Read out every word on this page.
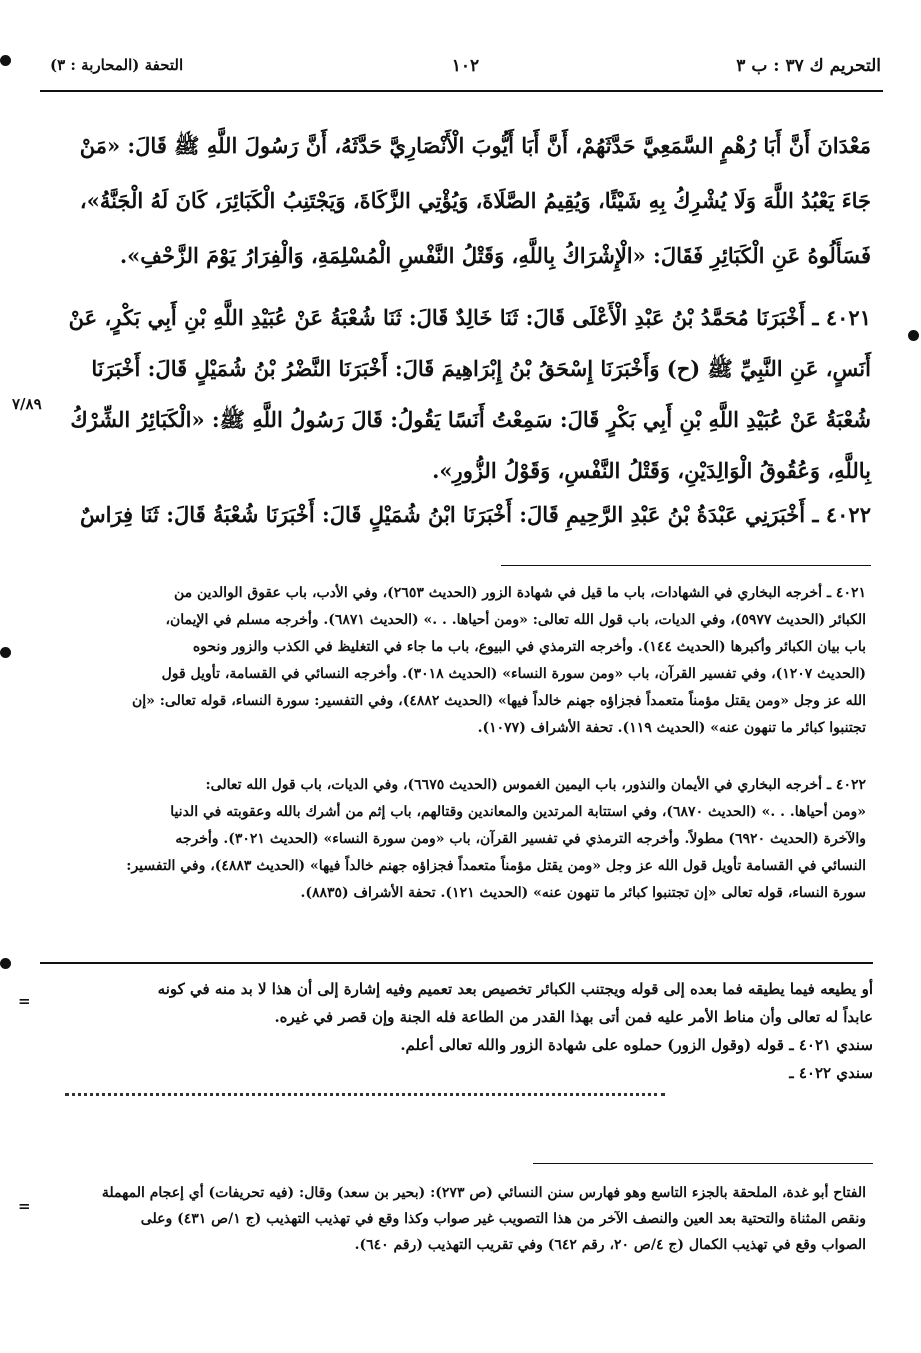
التحريم ك ٣٧ : ب ٣
١٠٢
التحفة (المحاربة : ٣)

مَعْدَانَ أَنَّ أَبَا رُهْمٍ السَّمَعِيَّ حَدَّثَهُمْ، أَنَّ أَبَا أَيُّوبَ الْأَنْصَارِيَّ حَدَّثَهُ، أَنَّ رَسُولَ اللَّهِ ﷺ قَالَ: «مَنْ

جَاءَ يَعْبُدُ اللَّهَ وَلَا يُشْرِكُ بِهِ شَيْئًا، وَيُقِيمُ الصَّلَاةَ، وَيُؤْتِي الزَّكَاةَ، وَيَجْتَنِبُ الْكَبَائِرَ، كَانَ لَهُ الْجَنَّةُ»،

فَسَأَلُوهُ عَنِ الْكَبَائِرِ فَقَالَ: «الْإِشْرَاكُ بِاللَّهِ، وَقَتْلُ النَّفْسِ الْمُسْلِمَةِ، وَالْفِرَارُ يَوْمَ الزَّحْفِ».

٤٠٢١ ـ أَخْبَرَنَا مُحَمَّدُ بْنُ عَبْدِ الْأَعْلَى قَالَ: ثَنَا خَالِدٌ قَالَ: ثَنَا شُعْبَةُ عَنْ عُبَيْدِ اللَّهِ بْنِ أَبِي بَكْرٍ، عَنْ

أَنَسٍ، عَنِ النَّبِيِّ ﷺ (ح) وَأَخْبَرَنَا إِسْحَقُ بْنُ إِبْرَاهِيمَ قَالَ: أَخْبَرَنَا النَّضْرُ بْنُ شُمَيْلٍ قَالَ: أَخْبَرَنَا

شُعْبَةُ عَنْ عُبَيْدِ اللَّهِ بْنِ أَبِي بَكْرٍ قَالَ: سَمِعْتُ أَنَسًا يَقُولُ: قَالَ رَسُولُ اللَّهِ ﷺ: «الْكَبَائِرُ الشِّرْكُ

بِاللَّهِ، وَعُقُوقُ الْوَالِدَيْنِ، وَقَتْلُ النَّفْسِ، وَقَوْلُ الزُّورِ».

٧/٨٩

٤٠٢٢ ـ أَخْبَرَنِي عَبْدَةُ بْنُ عَبْدِ الرَّحِيمِ قَالَ: أَخْبَرَنَا ابْنُ شُمَيْلٍ قَالَ: أَخْبَرَنَا شُعْبَةُ قَالَ: ثَنَا فِرَاسٌ

٤٠٢١ ـ أخرجه البخاري في الشهادات، باب ما قيل في شهادة الزور (الحديث ٢٦٥٣)، وفي الأدب، باب عقوق الوالدين من

الكبائر (الحديث ٥٩٧٧)، وفي الديات، باب قول الله تعالى: «ومن أحياها. . .» (الحديث ٦٨٧١). وأخرجه مسلم في الإيمان،

باب بيان الكبائر وأكبرها (الحديث ١٤٤). وأخرجه الترمذي في البيوع، باب ما جاء في التغليظ في الكذب والزور ونحوه

(الحديث ١٢٠٧)، وفي تفسير القرآن، باب «ومن سورة النساء» (الحديث ٣٠١٨). وأخرجه النسائي في القسامة، تأويل قول

الله عز وجل «ومن يقتل مؤمناً متعمداً فجزاؤه جهنم خالداً فيها» (الحديث ٤٨٨٢)، وفي التفسير: سورة النساء، قوله تعالى: «إن

تجتنبوا كبائر ما تنهون عنه» (الحديث ١١٩). تحفة الأشراف (١٠٧٧).

٤٠٢٢ ـ أخرجه البخاري في الأيمان والنذور، باب اليمين الغموس (الحديث ٦٦٧٥)، وفي الديات، باب قول الله تعالى:

«ومن أحياها. . .» (الحديث ٦٨٧٠)، وفي استتابة المرتدين والمعاندين وقتالهم، باب إثم من أشرك بالله وعقوبته في الدنيا

والآخرة (الحديث ٦٩٢٠) مطولاً. وأخرجه الترمذي في تفسير القرآن، باب «ومن سورة النساء» (الحديث ٣٠٢١). وأخرجه

النسائي في القسامة تأويل قول الله عز وجل «ومن يقتل مؤمناً متعمداً فجزاؤه جهنم خالداً فيها» (الحديث ٤٨٨٣)، وفي التفسير:

سورة النساء، قوله تعالى «إن تجتنبوا كبائر ما تنهون عنه» (الحديث ١٢١). تحفة الأشراف (٨٨٣٥).

=

أو يطيعه فيما يطيقه فما بعده إلى قوله ويجتنب الكبائر تخصيص بعد تعميم وفيه إشارة إلى أن هذا لا بد منه في كونه

عابداً له تعالى وأن مناط الأمر عليه فمن أتى بهذا القدر من الطاعة فله الجنة وإن قصر في غيره.

سندي ٤٠٢١ ـ قوله (وقول الزور) حملوه على شهادة الزور والله تعالى أعلم.

سندي ٤٠٢٢ ـ

=

الفتاح أبو غدة، الملحقة بالجزء التاسع وهو فهارس سنن النسائي (ص ٢٧٣): (بحير بن سعد) وقال: (فيه تحريفات) أي إعجام المهملة

ونقص المثناة والتحتية بعد العين والنصف الآخر من هذا التصويب غير صواب وكذا وقع في تهذيب التهذيب (ج ١/ص ٤٣١) وعلى

الصواب وقع في تهذيب الكمال (ج ٤/ص ٢٠، رقم ٦٤٢) وفي تقريب التهذيب (رقم ٦٤٠).
